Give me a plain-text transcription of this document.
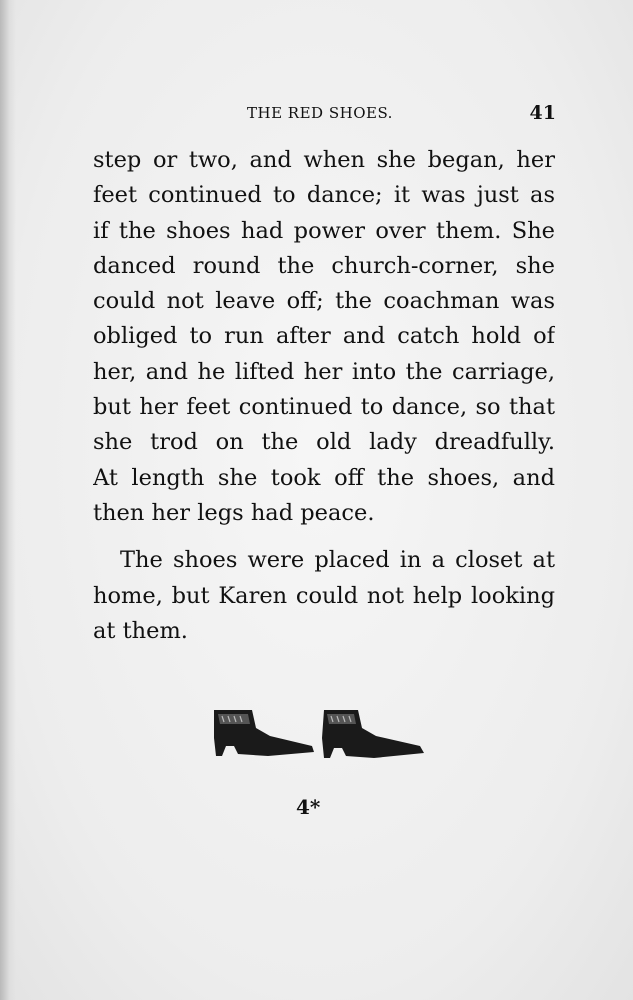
THE RED SHOES.	41
step or two, and when she began, her
feet continued to dance; it was just as
if the shoes had power over them. She
danced round the church-corner, she
could not leave off; the coachman was
obliged to run after and catch hold of
her, and he lifted her into the carriage,
but her feet continued to dance, so that
she trod on the old lady dreadfully.
At length she took off the shoes, and
then her legs had peace.
The shoes were placed in a closet at
home, but Karen could not help looking
at them.
4*
